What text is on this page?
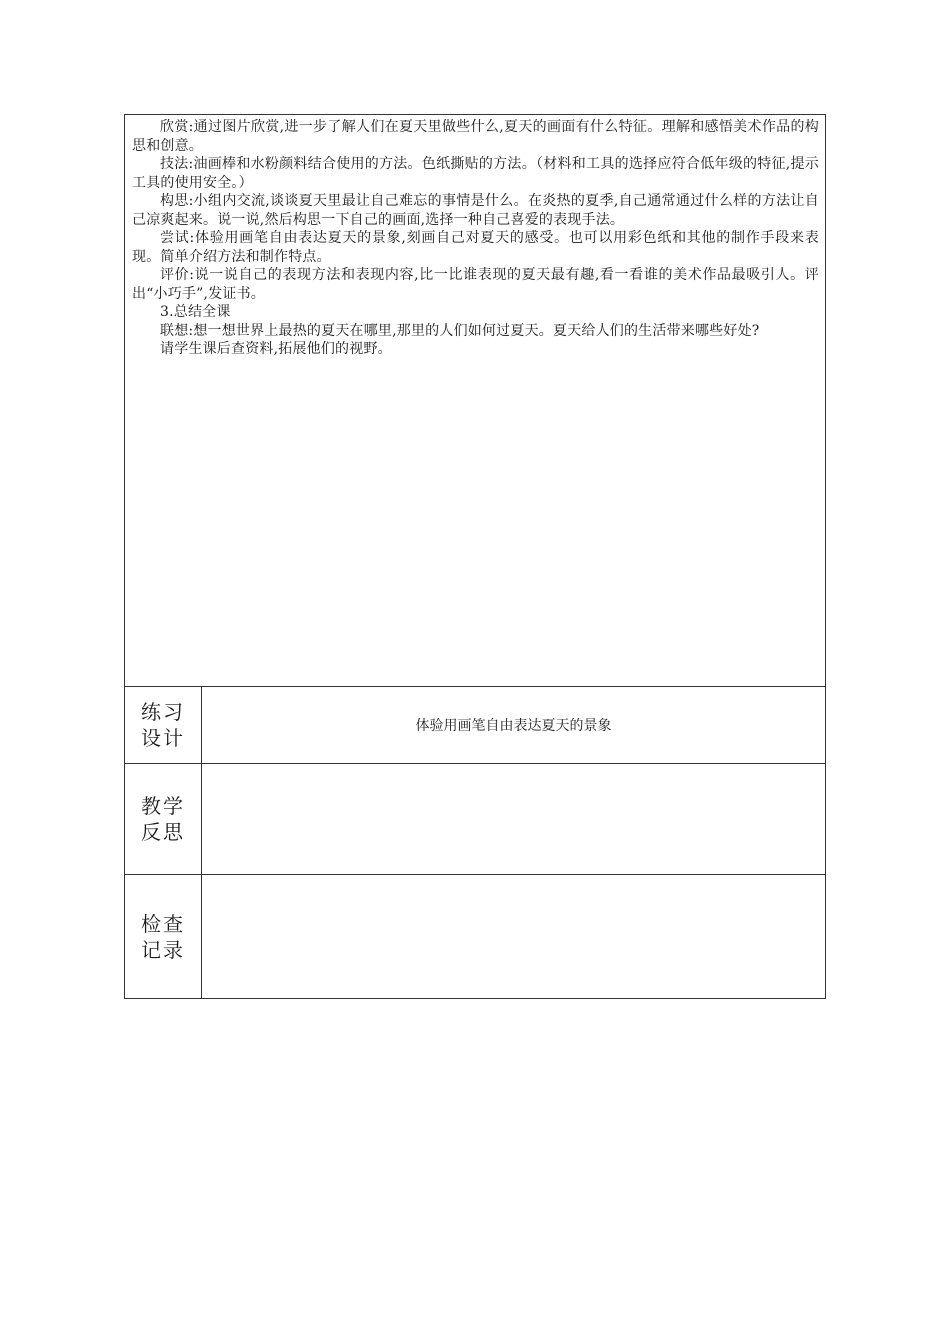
欣赏:通过图片欣赏,进一步了解人们在夏天里做些什么,夏天的画面有什么特征。理解和感悟美术作品的构思和创意。

技法:油画棒和水粉颜料结合使用的方法。色纸撕贴的方法。（材料和工具的选择应符合低年级的特征,提示工具的使用安全。）

构思:小组内交流,谈谈夏天里最让自己难忘的事情是什么。在炎热的夏季,自己通常通过什么样的方法让自己凉爽起来。说一说,然后构思一下自己的画面,选择一种自己喜爱的表现手法。

尝试:体验用画笔自由表达夏天的景象,刻画自己对夏天的感受。也可以用彩色纸和其他的制作手段来表现。简单介绍方法和制作特点。

评价:说一说自己的表现方法和表现内容,比一比谁表现的夏天最有趣,看一看谁的美术作品最吸引人。评出“小巧手”,发证书。

3.总结全课

联想:想一想世界上最热的夏天在哪里,那里的人们如何过夏天。夏天给人们的生活带来哪些好处?

请学生课后查资料,拓展他们的视野。

练习设计	体验用画笔自由表达夏天的景象
教学反思
检查记录
